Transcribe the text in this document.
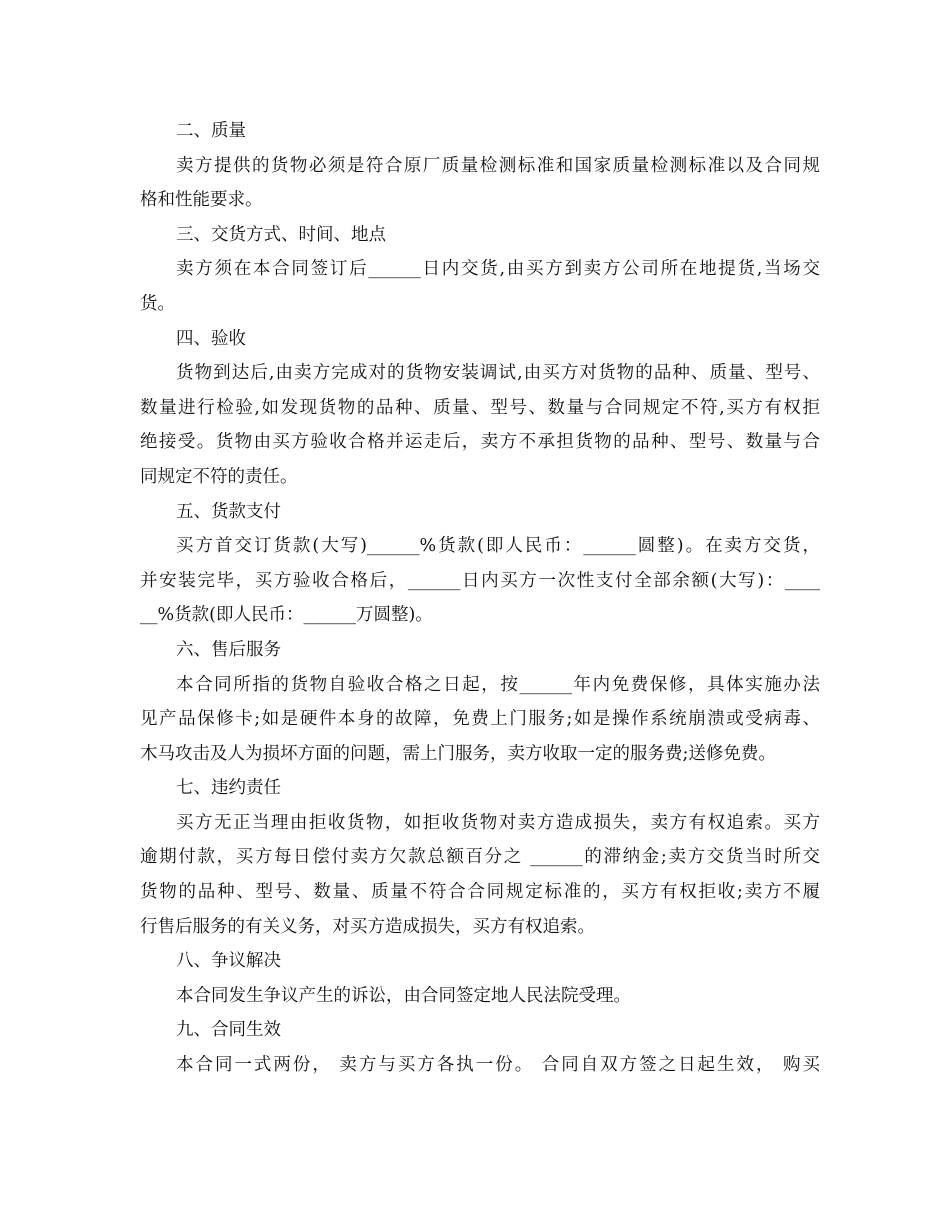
二、质量
卖方提供的货物必须是符合原厂质量检测标准和国家质量检测标准以及合同规
格和性能要求。
三、交货方式、时间、地点
卖方须在本合同签订后______日内交货,由买方到卖方公司所在地提货,当场交
货。
四、验收
货物到达后,由卖方完成对的货物安装调试,由买方对货物的品种、质量、型号、
数量进行检验,如发现货物的品种、质量、型号、数量与合同规定不符,买方有权拒
绝接受。货物由买方验收合格并运走后，卖方不承担货物的品种、型号、数量与合
同规定不符的责任。
五、货款支付
买方首交订货款(大写)______%货款(即人民币：______圆整)。在卖方交货，
并安装完毕，买方验收合格后，______日内买方一次性支付全部余额(大写)：____
__%货款(即人民币：______万圆整)。
六、售后服务
本合同所指的货物自验收合格之日起，按______年内免费保修，具体实施办法
见产品保修卡;如是硬件本身的故障，免费上门服务;如是操作系统崩溃或受病毒、
木马攻击及人为损坏方面的问题，需上门服务，卖方收取一定的服务费;送修免费。
七、违约责任
买方无正当理由拒收货物，如拒收货物对卖方造成损失，卖方有权追索。买方
逾期付款，买方每日偿付卖方欠款总额百分之 ______的滞纳金;卖方交货当时所交
货物的品种、型号、数量、质量不符合合同规定标准的，买方有权拒收;卖方不履
行售后服务的有关义务，对买方造成损失，买方有权追索。
八、争议解决
本合同发生争议产生的诉讼，由合同签定地人民法院受理。
九、合同生效
本合同一式两份， 卖方与买方各执一份。 合同自双方签之日起生效， 购买
